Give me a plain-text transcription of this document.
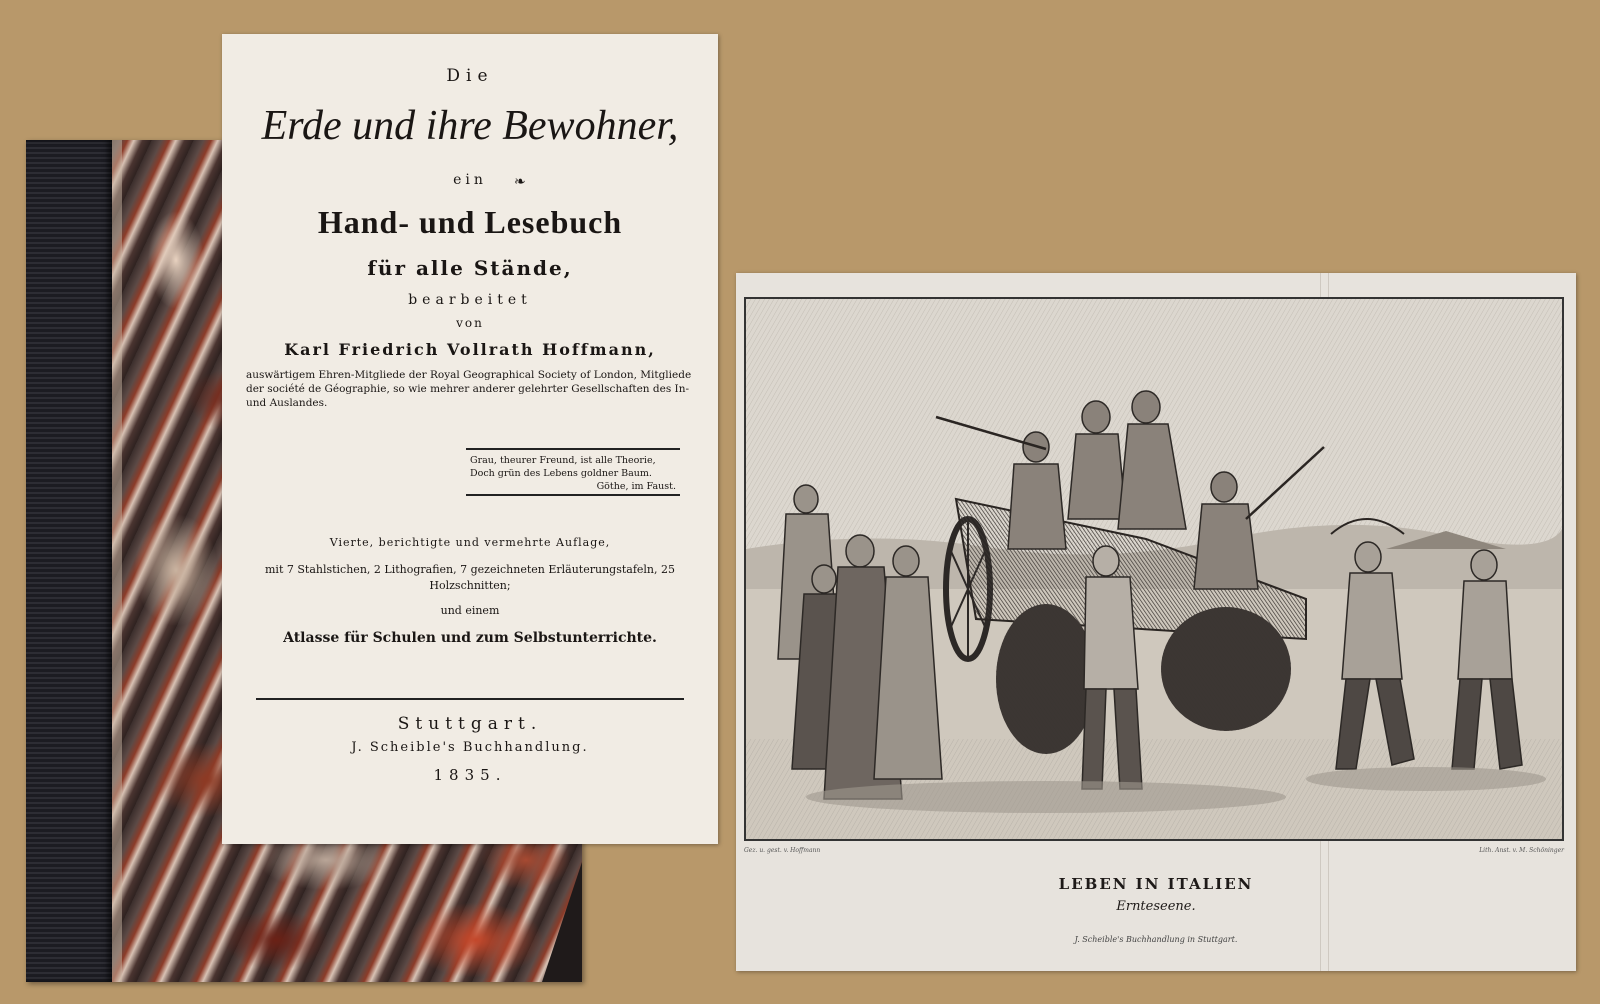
Die

Erde und ihre Bewohner,

ein	❧

Hand- und Lesebuch

für alle Stände,

bearbeitet

von

Karl Friedrich Vollrath Hoffmann,

auswärtigem Ehren-Mitgliede der Royal Geographical Society of London, Mitgliede der société de Géographie, so wie mehrer anderer gelehrter Gesellschaften des In- und Auslandes.

Grau, theurer Freund, ist alle Theorie,
Doch grün des Lebens goldner Baum.
Göthe, im Faust.

Vierte, berichtigte und vermehrte Auflage,

mit 7 Stahlstichen, 2 Lithografien, 7 gezeichneten Erläuterungstafeln, 25 Holzschnitten;

und einem

Atlasse für Schulen und zum Selbstunterrichte.

Stuttgart.

J. Scheible's Buchhandlung.

1835.

Gez. u. gest. v. Hoffmann	Lith. Anst. v. M. Schöninger
LEBEN IN ITALIEN
Ernteseene.
J. Scheible's Buchhandlung in Stuttgart.
